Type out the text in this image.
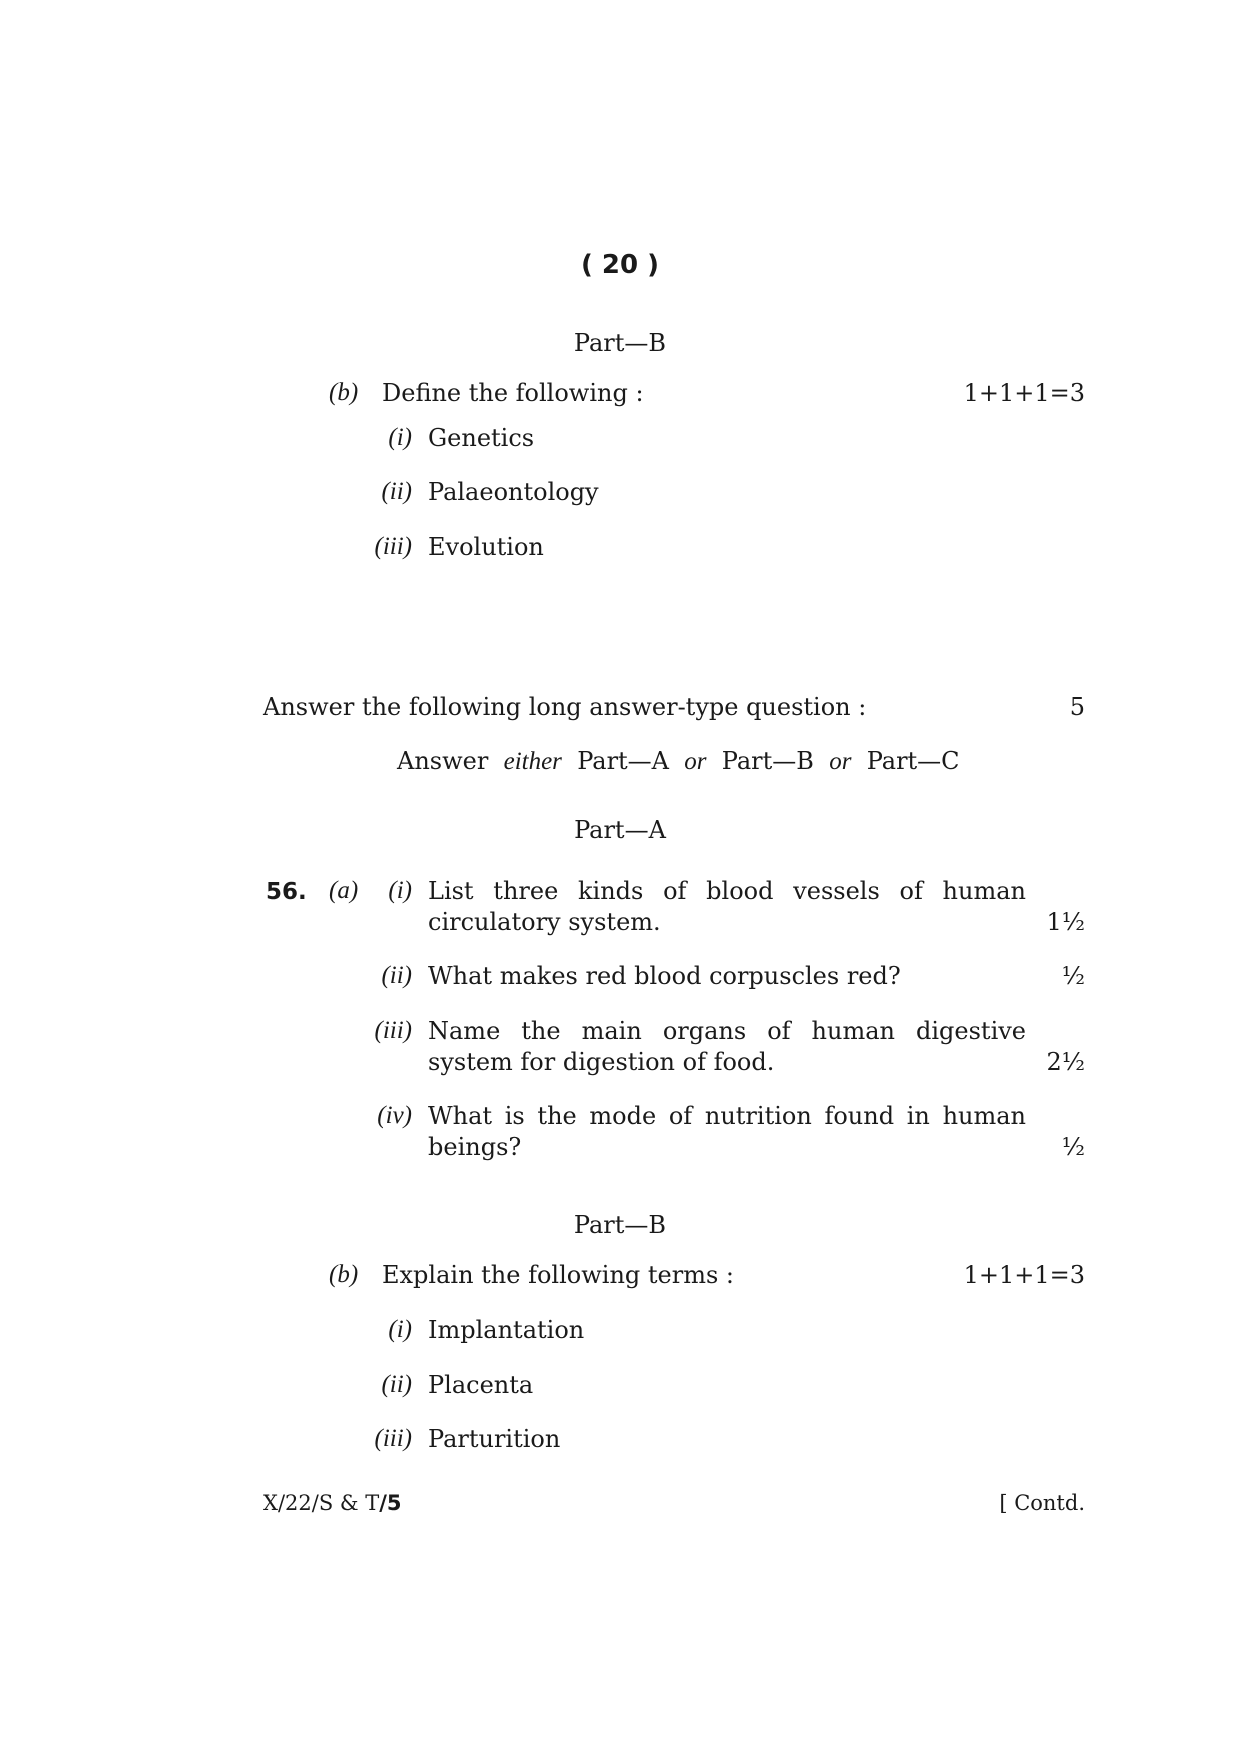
( 20 )
Part—B
(b) Define the following :	1+1+1=3
(i) Genetics
(ii) Palaeontology
(iii) Evolution
Answer the following long answer-type question :	5
Answer either Part—A or Part—B or Part—C
Part—A
56. (a)	(i) List three kinds of blood vessels of human
circulatory system.	1½
(ii) What makes red blood corpuscles red?	½
(iii) Name the main organs of human digestive
system for digestion of food.	2½
(iv) What is the mode of nutrition found in human
beings?	½
Part—B
(b) Explain the following terms :	1+1+1=3
(i) Implantation
(ii) Placenta
(iii) Parturition
X/22/S & T/5	[ Contd.
